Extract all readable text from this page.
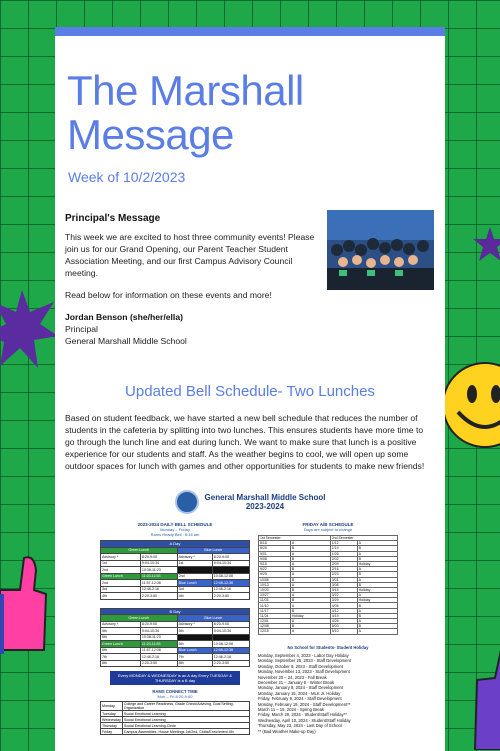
The Marshall Message
Week of 10/2/2023
Principal's Message

This week we are excited to host three community events! Please join us for our Grand Opening, our Parent Teacher Student Association Meeting, and our first Campus Advisory Council meeting.

Read below for information on these events and more!

Jordan Benson (she/her/ella)
Principal
General Marshall Middle School
Updated Bell Schedule- Two Lunches
Based on student feedback, we have started a new bell schedule that reduces the number of students in the cafeteria by splitting into two lunches. This ensures students have more time to go through the lunch line and eat during lunch. We want to make sure that lunch is a positive experience for our students and staff. As the weather begins to cool, we will open up some outdoor spaces for lunch with games and other opportunities for students to make new friends!
General Marshall Middle School
2023-2024
2023-2024 DAILY BELL SCHEDULE
Monday – Friday
Rams Ready Bell : 8:16 am
A Day			
Green Lunch		Blue Lunch	
Advisory *	8:20-9:00	Advisory *	8:20-9:00
1st	9:04-10:34	1st	9:04-10:34
2nd	10:38-11:23		
Green Lunch	11:23-11:53	2nd	10:38-12:08
2nd	11:57-12:08	Blue Lunch	12:08-12:38
3rd	12:46-2:16	3rd	12:46-2:16
4th	2:20-3:50	4th	2:20-3:50
B Day			
Green Lunch		Blue Lunch	
Advisory *	8:20-9:00	Advisory *	8:20-9:00
5th	9:04-10:34	5th	9:04-10:34
6th	10:38-11:23		
Green Lunch	11:23-11:53	6th	10:38-12:08
6th	11:57-12:08	Blue Lunch	12:08-12:38
7th	12:46-2:16	7th	12:46-2:16
8th	2:20-3:50	8th	2:20-3:50
Every MONDAY & WEDNESDAY is an A day Every TUESDAY & THURSDAY is a B day
RAMS CONNECT TIME
Mon – Fri 8:20-9:00
Monday	College and Career Readiness, Grade Check/Advising, Goal Setting, Organization
Tuesday	Social Emotional Learning
Wednesday	Social Emotional Learning
Thursday	Social Emotional Learning-Circle
Friday	Campus Assemblies, House Meetings 1st/2nd, Clubs/Enrichment 4th
FRIDAY A/B SCHEDULE
Days are subject to change
1st Semester		2nd Semester	
8/18	A	1/12	A
8/25	B	1/19	B
9/01	A	1/26	A
9/08	B	2/02	B
9/15	A	2/09	Holiday
9/22	B	2/16	A
9/29	A	2/23	B
10/06	B	3/01	A
10/13	A	3/08	B
10/20	B	3/15	Holiday
10/27	A	3/22	A
11/03	B	3/29	Holiday
11/10	A	4/05	B
11/17	B	4/12	A
11/24	Holiday	4/19	B
12/01	A	4/26	A
12/08	B	5/03	B
12/15	A	5/10	A
No School for Students- Student Holiday
Monday, September 4, 2023 - Labor Day Holiday
Monday, September 25, 2023 - Staff Development
Monday, October 9, 2023 - Staff Development
Monday, November 13, 2023 - Staff Development
November 20 – 24, 2023 - Fall Break
December 21 – January 5 - Winter Break
Monday, January 8, 2024 - Staff Development
Monday, January 15, 2024 - MLK Jr. Holiday
Friday, February 9, 2024 - Staff Development
Monday, February 19, 2024 - Staff Development**
March 11 – 15, 2024 - Spring Break
Friday, March 29, 2024 - Student/Staff Holiday**
Wednesday, April 10, 2024 - Student/Staff Holiday
Thursday, May 23, 2024 - Last Day of School
** (Bad Weather Make-up Day)
